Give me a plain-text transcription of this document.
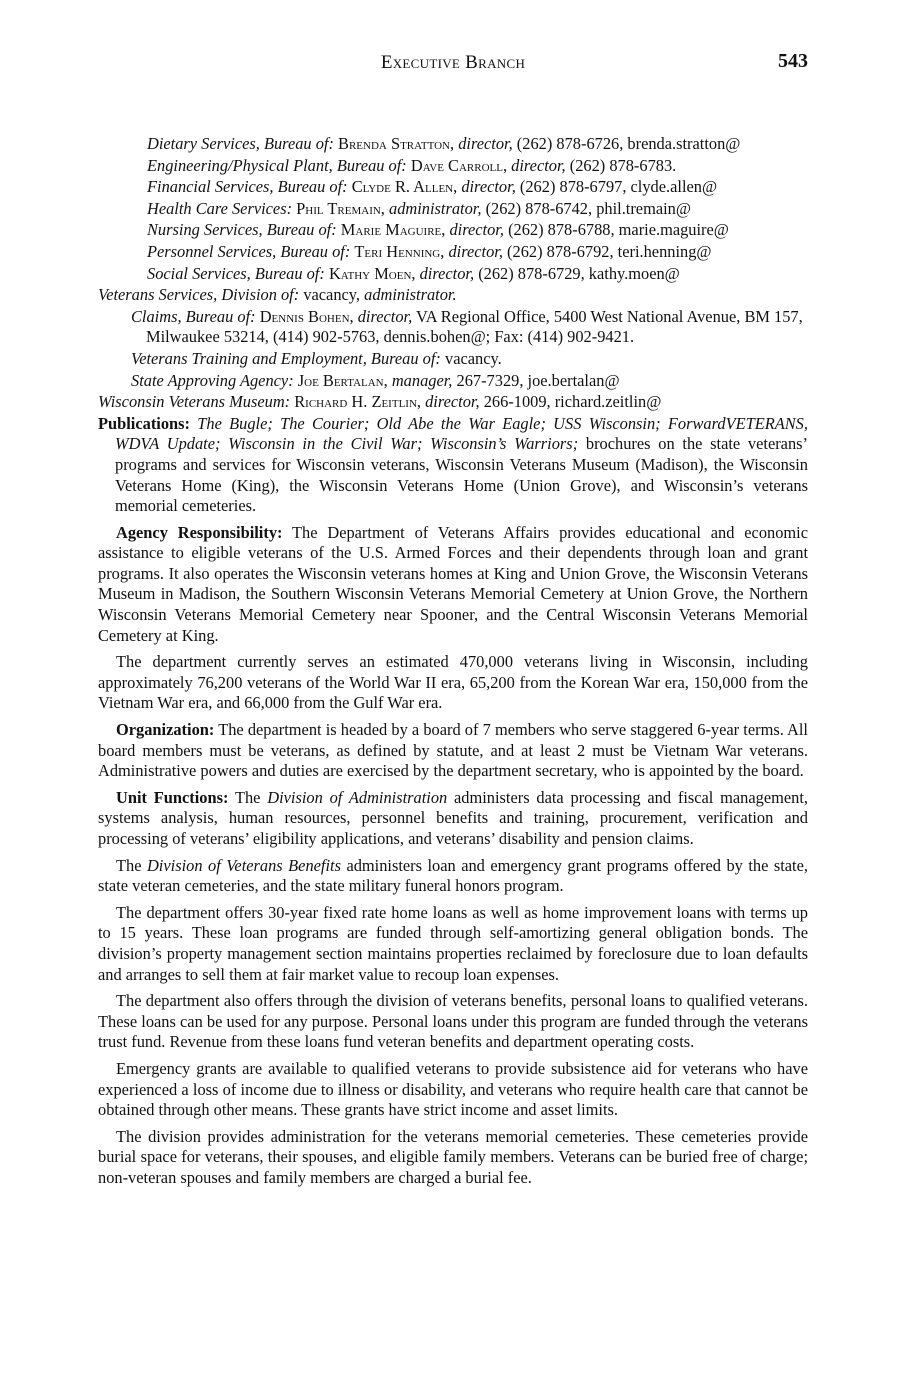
Executive Branch	543

Dietary Services, Bureau of: Brenda Stratton, director, (262) 878-6726, brenda.stratton@

Engineering/Physical Plant, Bureau of: Dave Carroll, director, (262) 878-6783.

Financial Services, Bureau of: Clyde R. Allen, director, (262) 878-6797, clyde.allen@

Health Care Services: Phil Tremain, administrator, (262) 878-6742, phil.tremain@

Nursing Services, Bureau of: Marie Maguire, director, (262) 878-6788, marie.maguire@

Personnel Services, Bureau of: Teri Henning, director, (262) 878-6792, teri.henning@

Social Services, Bureau of: Kathy Moen, director, (262) 878-6729, kathy.moen@

Veterans Services, Division of: vacancy, administrator.

Claims, Bureau of: Dennis Bohen, director, VA Regional Office, 5400 West National Avenue, BM 157, Milwaukee 53214, (414) 902-5763, dennis.bohen@; Fax: (414) 902-9421.

Veterans Training and Employment, Bureau of: vacancy.

State Approving Agency: Joe Bertalan, manager, 267-7329, joe.bertalan@

Wisconsin Veterans Museum: Richard H. Zeitlin, director, 266-1009, richard.zeitlin@

Publications: The Bugle; The Courier; Old Abe the War Eagle; USS Wisconsin; ForwardVETERANS, WDVA Update; Wisconsin in the Civil War; Wisconsin’s Warriors; brochures on the state veterans’ programs and services for Wisconsin veterans, Wisconsin Veterans Museum (Madison), the Wisconsin Veterans Home (King), the Wisconsin Veterans Home (Union Grove), and Wisconsin’s veterans memorial cemeteries.

Agency Responsibility: The Department of Veterans Affairs provides educational and economic assistance to eligible veterans of the U.S. Armed Forces and their dependents through loan and grant programs. It also operates the Wisconsin veterans homes at King and Union Grove, the Wisconsin Veterans Museum in Madison, the Southern Wisconsin Veterans Memorial Cemetery at Union Grove, the Northern Wisconsin Veterans Memorial Cemetery near Spooner, and the Central Wisconsin Veterans Memorial Cemetery at King.

The department currently serves an estimated 470,000 veterans living in Wisconsin, including approximately 76,200 veterans of the World War II era, 65,200 from the Korean War era, 150,000 from the Vietnam War era, and 66,000 from the Gulf War era.

Organization: The department is headed by a board of 7 members who serve staggered 6-year terms. All board members must be veterans, as defined by statute, and at least 2 must be Vietnam War veterans. Administrative powers and duties are exercised by the department secretary, who is appointed by the board.

Unit Functions: The Division of Administration administers data processing and fiscal management, systems analysis, human resources, personnel benefits and training, procurement, verification and processing of veterans’ eligibility applications, and veterans’ disability and pension claims.

The Division of Veterans Benefits administers loan and emergency grant programs offered by the state, state veteran cemeteries, and the state military funeral honors program.

The department offers 30-year fixed rate home loans as well as home improvement loans with terms up to 15 years. These loan programs are funded through self-amortizing general obligation bonds. The division’s property management section maintains properties reclaimed by foreclosure due to loan defaults and arranges to sell them at fair market value to recoup loan expenses.

The department also offers through the division of veterans benefits, personal loans to qualified veterans. These loans can be used for any purpose. Personal loans under this program are funded through the veterans trust fund. Revenue from these loans fund veteran benefits and department operating costs.

Emergency grants are available to qualified veterans to provide subsistence aid for veterans who have experienced a loss of income due to illness or disability, and veterans who require health care that cannot be obtained through other means. These grants have strict income and asset limits.

The division provides administration for the veterans memorial cemeteries. These cemeteries provide burial space for veterans, their spouses, and eligible family members. Veterans can be buried free of charge; non-veteran spouses and family members are charged a burial fee.
